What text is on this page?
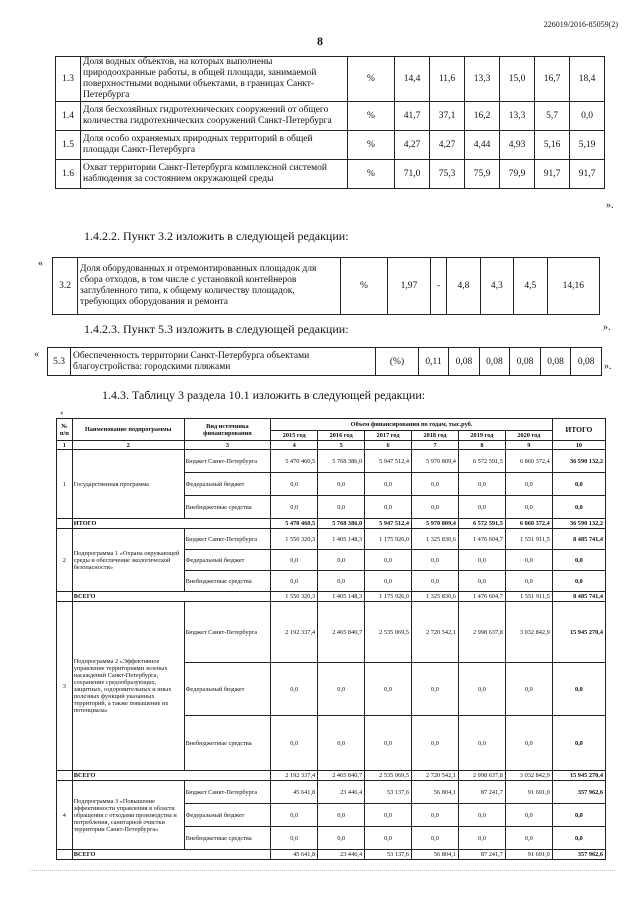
226019/2016-85059(2)
8
1.3	Доля водных объектов, на которых выполнены природоохранные работы, в общей площади, занимаемой поверхностными водными объектами, в границах Санкт-Петербурга	%	14,4	11,6	13,3	15,0	16,7	18,4
1.4	Доля бесхозяйных гидротехнических сооружений от общего количества гидротехнических сооружений Санкт-Петербурга	%	41,7	37,1	16,2	13,3	5,7	0,0
1.5	Доля особо охраняемых природных территорий в общей площади Санкт-Петербурга	%	4,27	4,27	4,44	4,93	5,16	5,19
1.6	Охват территории Санкт-Петербурга комплексной системой наблюдения за состоянием окружающей среды	%	71,0	75,3	75,9	79,9	91,7	91,7
».
1.4.2.2. Пункт 3.2 изложить в следующей редакции:
«
3.2	Доля оборудованных и отремонтированных площадок для сбора отходов, в том числе с установкой контейнеров заглубленного типа, к общему количеству площадок, требующих оборудования и ремонта	%	1,97	-	4,8	4,3	4,5	14,16
».
1.4.2.3. Пункт 5.3 изложить в следующей редакции:
«
5.3	Обеспеченность территории Санкт-Петербурга объектами благоустройства: городскими пляжами	(%)	0,11	0,08	0,08	0,08	0,08	0,08 ».
1.4.3. Таблицу 3 раздела 10.1 изложить в следующей редакции:
«
№ п/п	Наименование подпрограммы	Вид источника финансирования	Объем финансирования по годам, тыс.руб.						ИТОГО
			2015 год	2016 год	2017 год	2018 год	2019 год	2020 год	
1	2	3	4	5	6	7	8	9	10
1	Государственная программа	Бюджет Санкт-Петербурга	5 470 460,5	5 768 386,0	5 947 512,4	5 970 809,4	6 572 591,5	6 860 372,4	36 590 132,2
		Федеральный бюджет	0,0	0,0	0,0	0,0	0,0	0,0	0,0
		Внебюджетные средства	0,0	0,0	0,0	0,0	0,0	0,0	0,0
	ИТОГО		5 470 460,5	5 768 386,0	5 947 512,4	5 970 809,4	6 572 591,5	6 860 372,4	36 590 132,2
2	Подпрограмма 1 «Охрана окружающей среды и обеспечение экологической безопасности»	Бюджет Санкт-Петербурга	1 550 320,3	1 405 148,3	1 175 926,0	1 325 830,6	1 476 604,7	1 551 911,5	8 485 741,4
		Федеральный бюджет	0,0	0,0	0,0	0,0	0,0	0,0	0,0
		Внебюджетные средства	0,0	0,0	0,0	0,0	0,0	0,0	0,0
	ВСЕГО		1 550 320,3	1 405 148,3	1 175 926,0	1 325 830,6	1 476 604,7	1 551 911,5	8 485 741,4
3	Подпрограмма 2 «Эффективное управление территориями зеленых насаждений Санкт-Петербурга, сохранение средообразующих, защитных, оздоровительных и иных полезных функций указанных территорий, а также повышение их потенциала»	Бюджет Санкт-Петербурга	2 192 337,4	2 465 840,7	2 535 069,5	2 720 542,1	2 998 637,8	3 032 842,9	15 945 270,4
		Федеральный бюджет	0,0	0,0	0,0	0,0	0,0	0,0	0,0
		Внебюджетные средства	0,0	0,0	0,0	0,0	0,0	0,0	0,0
	ВСЕГО		2 192 337,4	2 465 840,7	2 535 069,5	2 720 542,1	2 998 637,8	3 032 842,9	15 945 270,4
4	Подпрограмма 3 «Повышение эффективности управления в области обращения с отходами производства и потребления, санитарной очистки территории Санкт-Петербурга»	Бюджет Санкт-Петербурга	45 641,8	23 446,4	53 137,6	56 804,1	87 241,7	91 691,0	357 962,6
		Федеральный бюджет	0,0	0,0	0,0	0,0	0,0	0,0	0,0
		Внебюджетные средства	0,0	0,0	0,0	0,0	0,0	0,0	0,0
	ВСЕГО		45 641,8	23 446,4	53 137,6	56 804,1	87 241,7	91 691,0	357 962,6
